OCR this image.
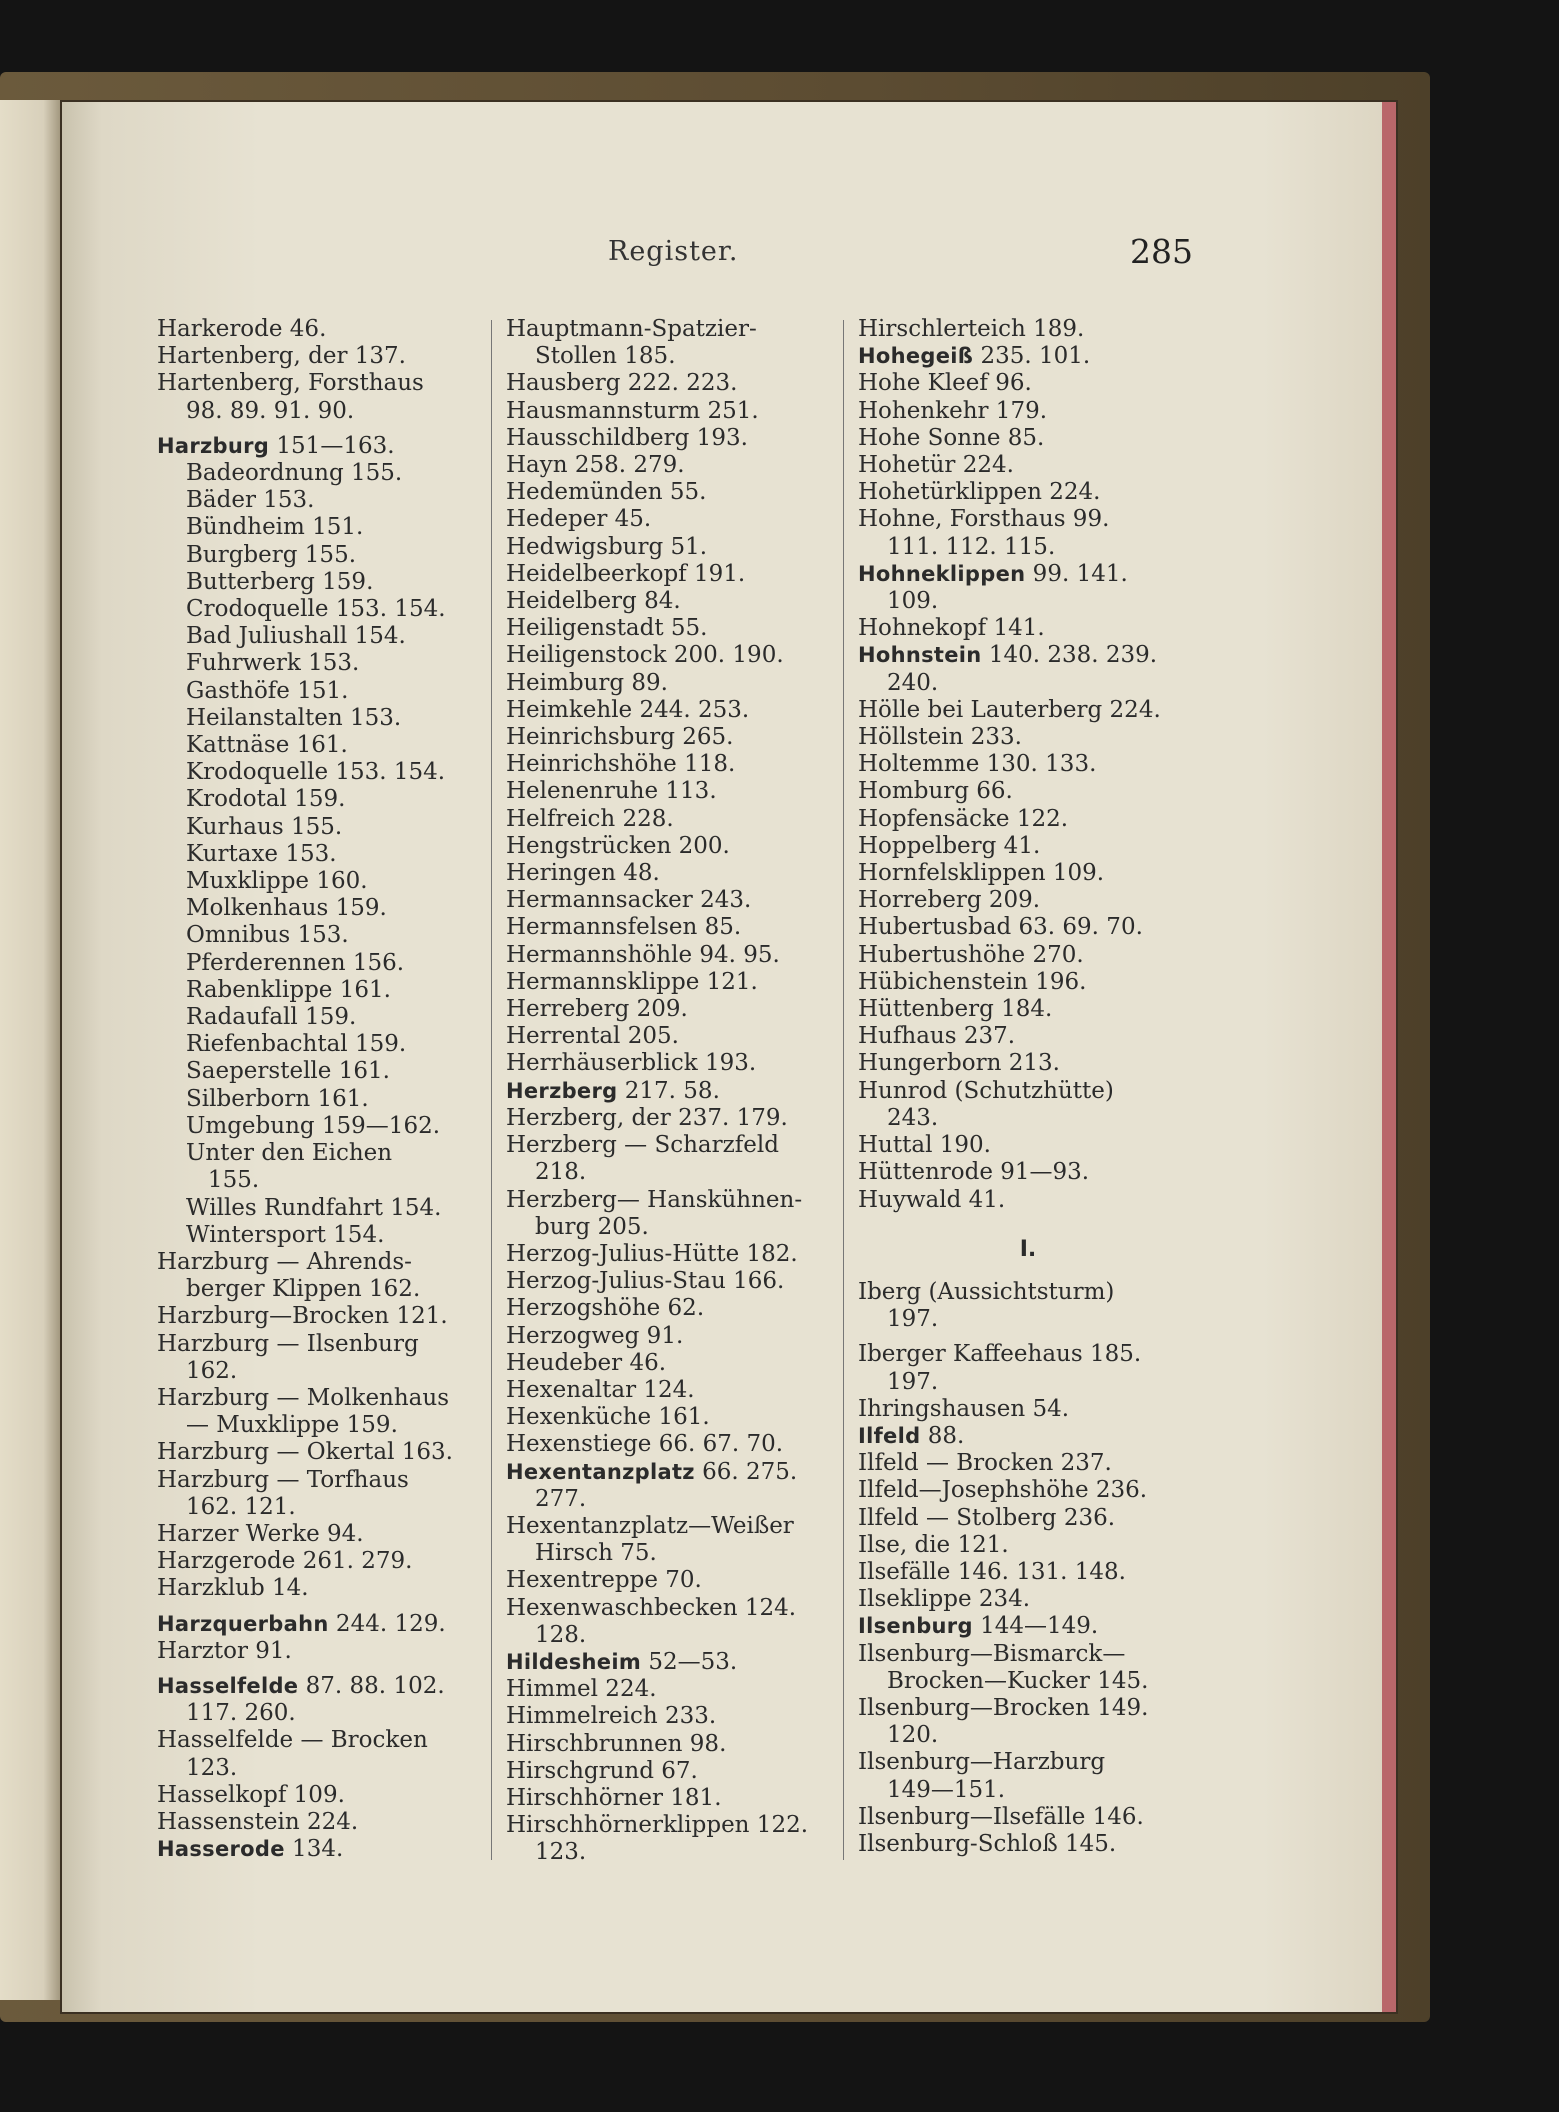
Register.	285
Harkerode 46.
Hartenberg, der 137.
Hartenberg, Forsthaus
98. 89. 91. 90.
Harzburg 151—163.
Badeordnung 155.
Bäder 153.
Bündheim 151.
Burgberg 155.
Butterberg 159.
Crodoquelle 153. 154.
Bad Juliushall 154.
Fuhrwerk 153.
Gasthöfe 151.
Heilanstalten 153.
Kattnäse 161.
Krodoquelle 153. 154.
Krodotal 159.
Kurhaus 155.
Kurtaxe 153.
Muxklippe 160.
Molkenhaus 159.
Omnibus 153.
Pferderennen 156.
Rabenklippe 161.
Radaufall 159.
Riefenbachtal 159.
Saeperstelle 161.
Silberborn 161.
Umgebung 159—162.
Unter den Eichen
155.
Willes Rundfahrt 154.
Wintersport 154.
Harzburg — Ahrends-
berger Klippen 162.
Harzburg—Brocken 121.
Harzburg — Ilsenburg
162.
Harzburg — Molkenhaus
— Muxklippe 159.
Harzburg — Okertal 163.
Harzburg — Torfhaus
162. 121.
Harzer Werke 94.
Harzgerode 261. 279.
Harzklub 14.
Harzquerbahn 244. 129.
Harztor 91.
Hasselfelde 87. 88. 102.
117. 260.
Hasselfelde — Brocken
123.
Hasselkopf 109.
Hassenstein 224.
Hasserode 134.
Hauptmann-Spatzier-
Stollen 185.
Hausberg 222. 223.
Hausmannsturm 251.
Hausschildberg 193.
Hayn 258. 279.
Hedemünden 55.
Hedeper 45.
Hedwigsburg 51.
Heidelbeerkopf 191.
Heidelberg 84.
Heiligenstadt 55.
Heiligenstock 200. 190.
Heimburg 89.
Heimkehle 244. 253.
Heinrichsburg 265.
Heinrichshöhe 118.
Helenenruhe 113.
Helfreich 228.
Hengstrücken 200.
Heringen 48.
Hermannsacker 243.
Hermannsfelsen 85.
Hermannshöhle 94. 95.
Hermannsklippe 121.
Herreberg 209.
Herrental 205.
Herrhäuserblick 193.
Herzberg 217. 58.
Herzberg, der 237. 179.
Herzberg — Scharzfeld
218.
Herzberg— Hanskühnen-
burg 205.
Herzog-Julius-Hütte 182.
Herzog-Julius-Stau 166.
Herzogshöhe 62.
Herzogweg 91.
Heudeber 46.
Hexenaltar 124.
Hexenküche 161.
Hexenstiege 66. 67. 70.
Hexentanzplatz 66. 275.
277.
Hexentanzplatz—Weißer
Hirsch 75.
Hexentreppe 70.
Hexenwaschbecken 124.
128.
Hildesheim 52—53.
Himmel 224.
Himmelreich 233.
Hirschbrunnen 98.
Hirschgrund 67.
Hirschhörner 181.
Hirschhörnerklippen 122.
123.
Hirschlerteich 189.
Hohegeiß 235. 101.
Hohe Kleef 96.
Hohenkehr 179.
Hohe Sonne 85.
Hohetür 224.
Hohetürklippen 224.
Hohne, Forsthaus 99.
111. 112. 115.
Hohneklippen 99. 141.
109.
Hohnekopf 141.
Hohnstein 140. 238. 239.
240.
Hölle bei Lauterberg 224.
Höllstein 233.
Holtemme 130. 133.
Homburg 66.
Hopfensäcke 122.
Hoppelberg 41.
Hornfelsklippen 109.
Horreberg 209.
Hubertusbad 63. 69. 70.
Hubertushöhe 270.
Hübichenstein 196.
Hüttenberg 184.
Hufhaus 237.
Hungerborn 213.
Hunrod (Schutzhütte)
243.
Huttal 190.
Hüttenrode 91—93.
Huywald 41.
I.
Iberg (Aussichtsturm)
197.
Iberger Kaffeehaus 185.
197.
Ihringshausen 54.
Ilfeld 88.
Ilfeld — Brocken 237.
Ilfeld—Josephshöhe 236.
Ilfeld — Stolberg 236.
Ilse, die 121.
Ilsefälle 146. 131. 148.
Ilseklippe 234.
Ilsenburg 144—149.
Ilsenburg—Bismarck—
Brocken—Kucker 145.
Ilsenburg—Brocken 149.
120.
Ilsenburg—Harzburg
149—151.
Ilsenburg—Ilsefälle 146.
Ilsenburg-Schloß 145.
